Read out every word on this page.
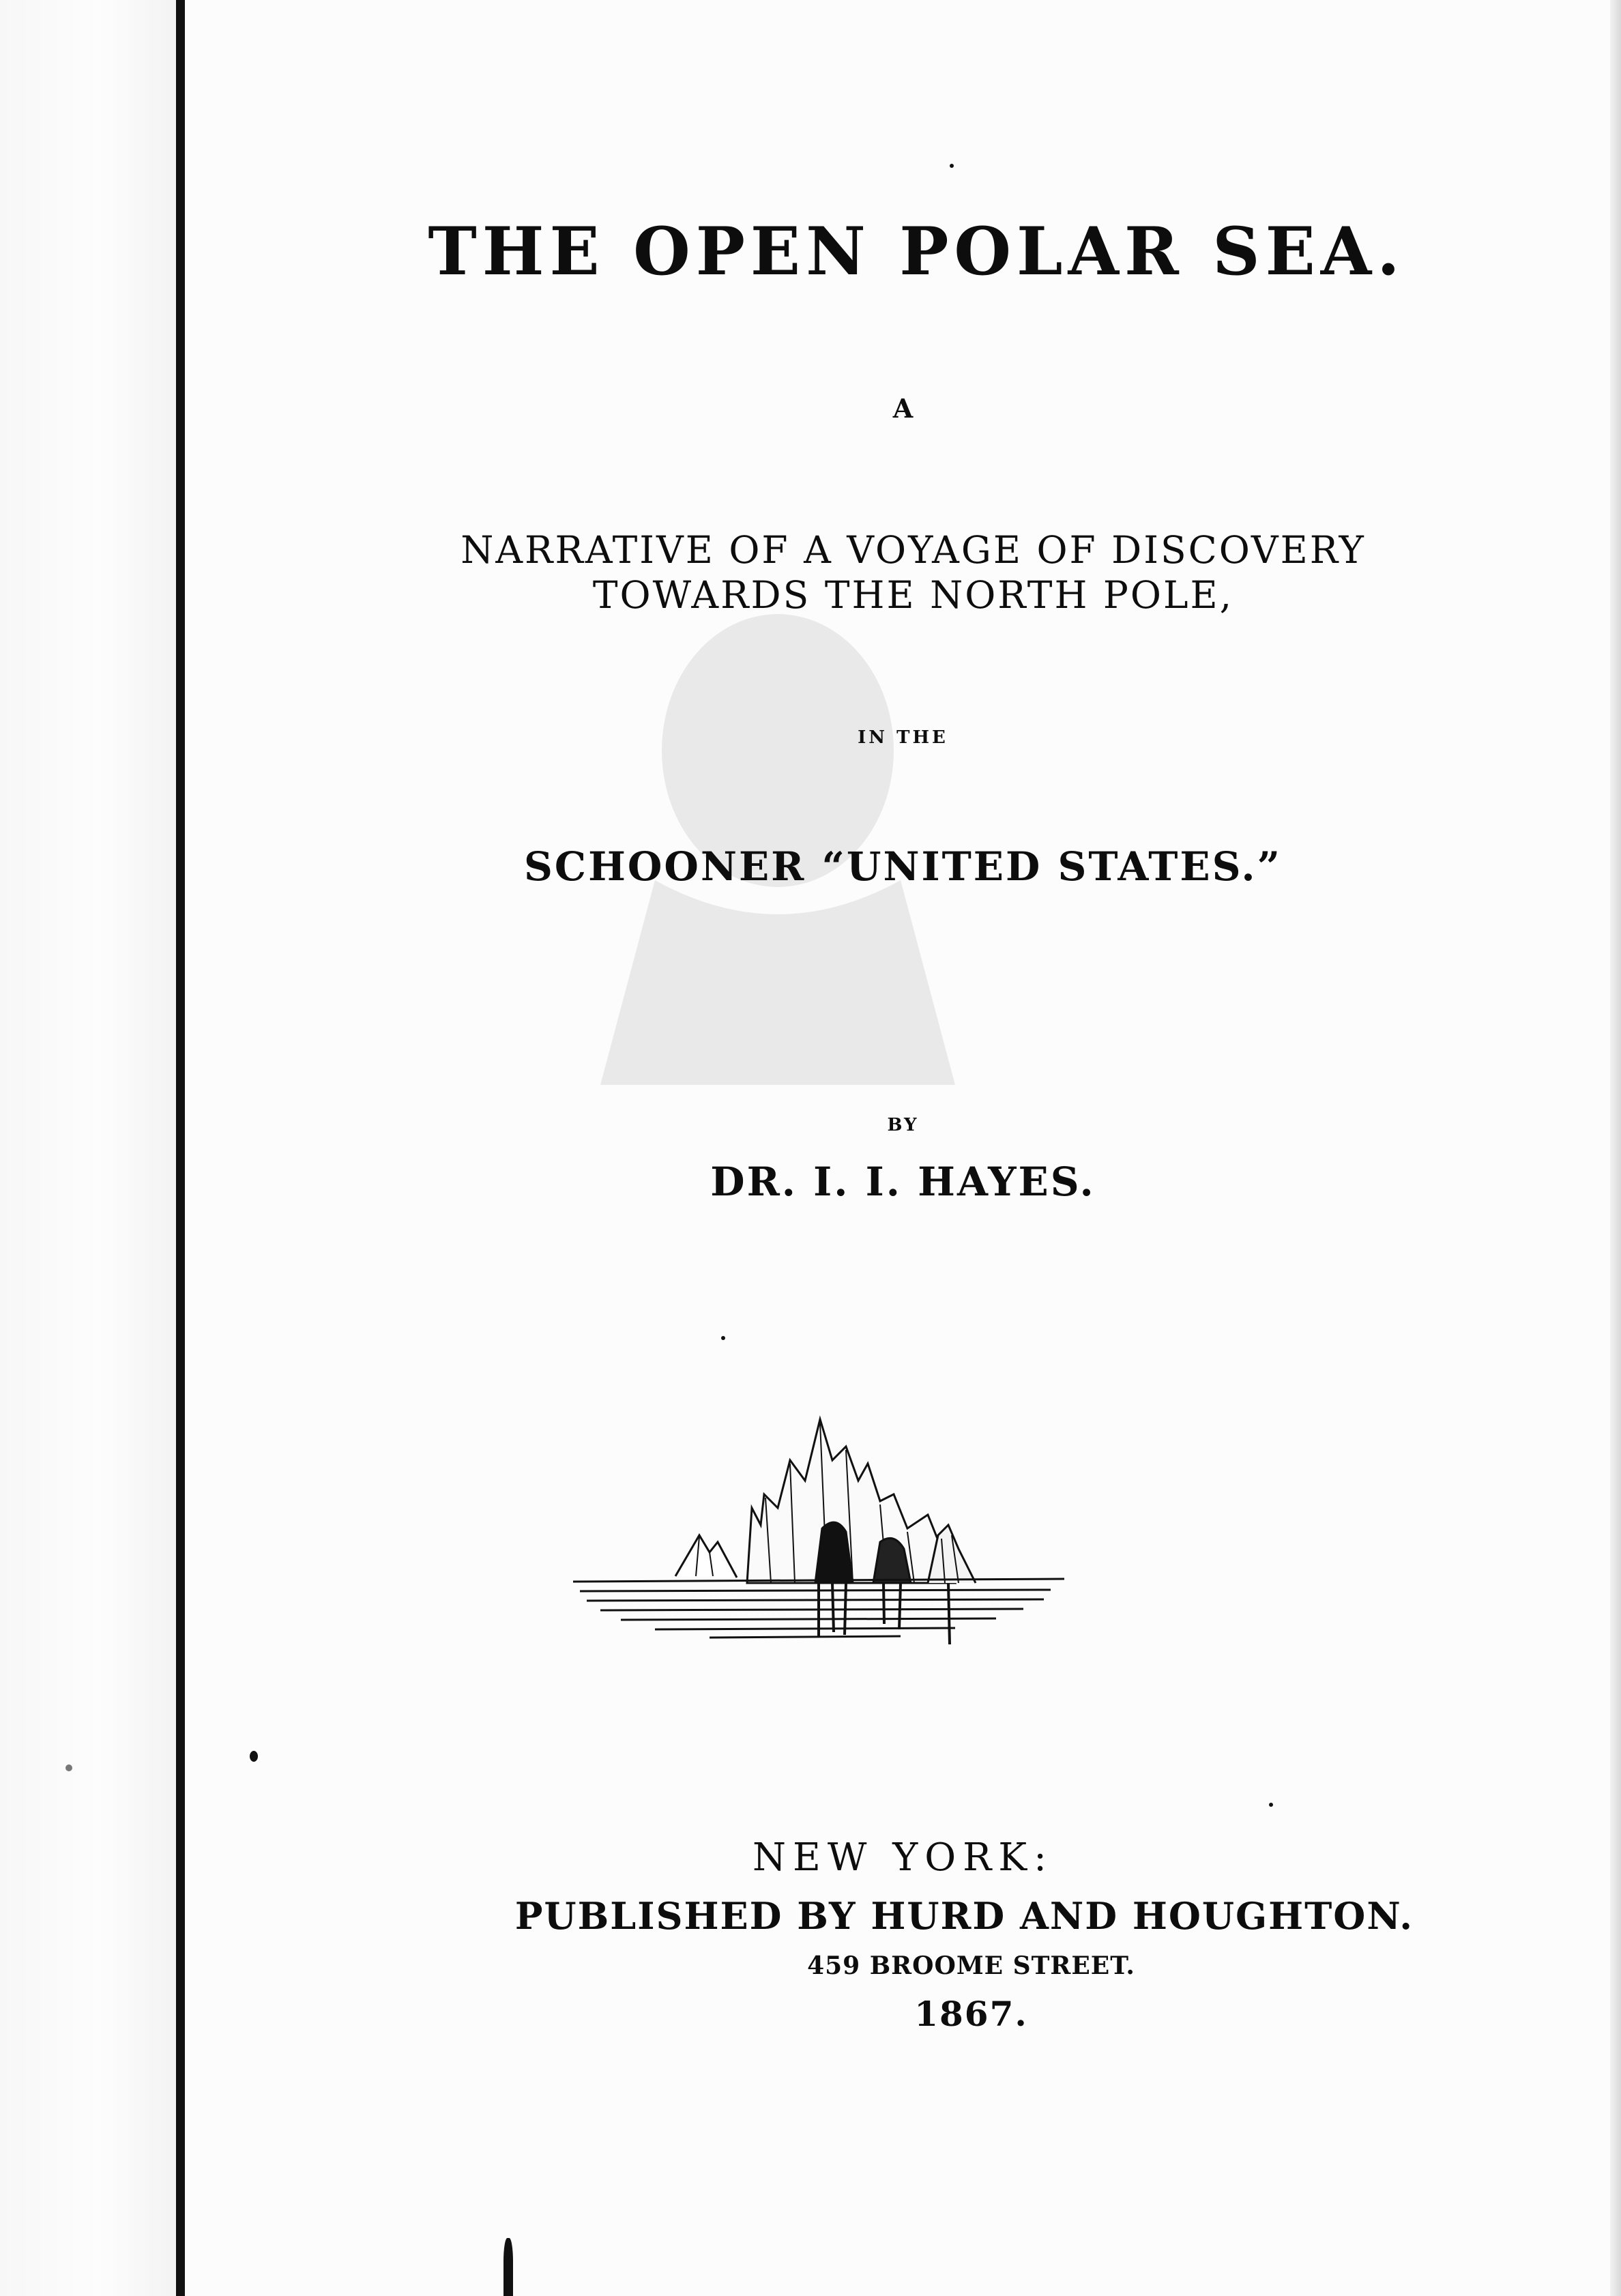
THE OPEN POLAR SEA.
A
NARRATIVE OF A VOYAGE OF DISCOVERY
TOWARDS THE NORTH POLE,
IN THE
SCHOONER “UNITED STATES.”
BY
DR. I. I. HAYES.
NEW YORK:
PUBLISHED BY HURD AND HOUGHTON.
459 BROOME STREET.
1867.
